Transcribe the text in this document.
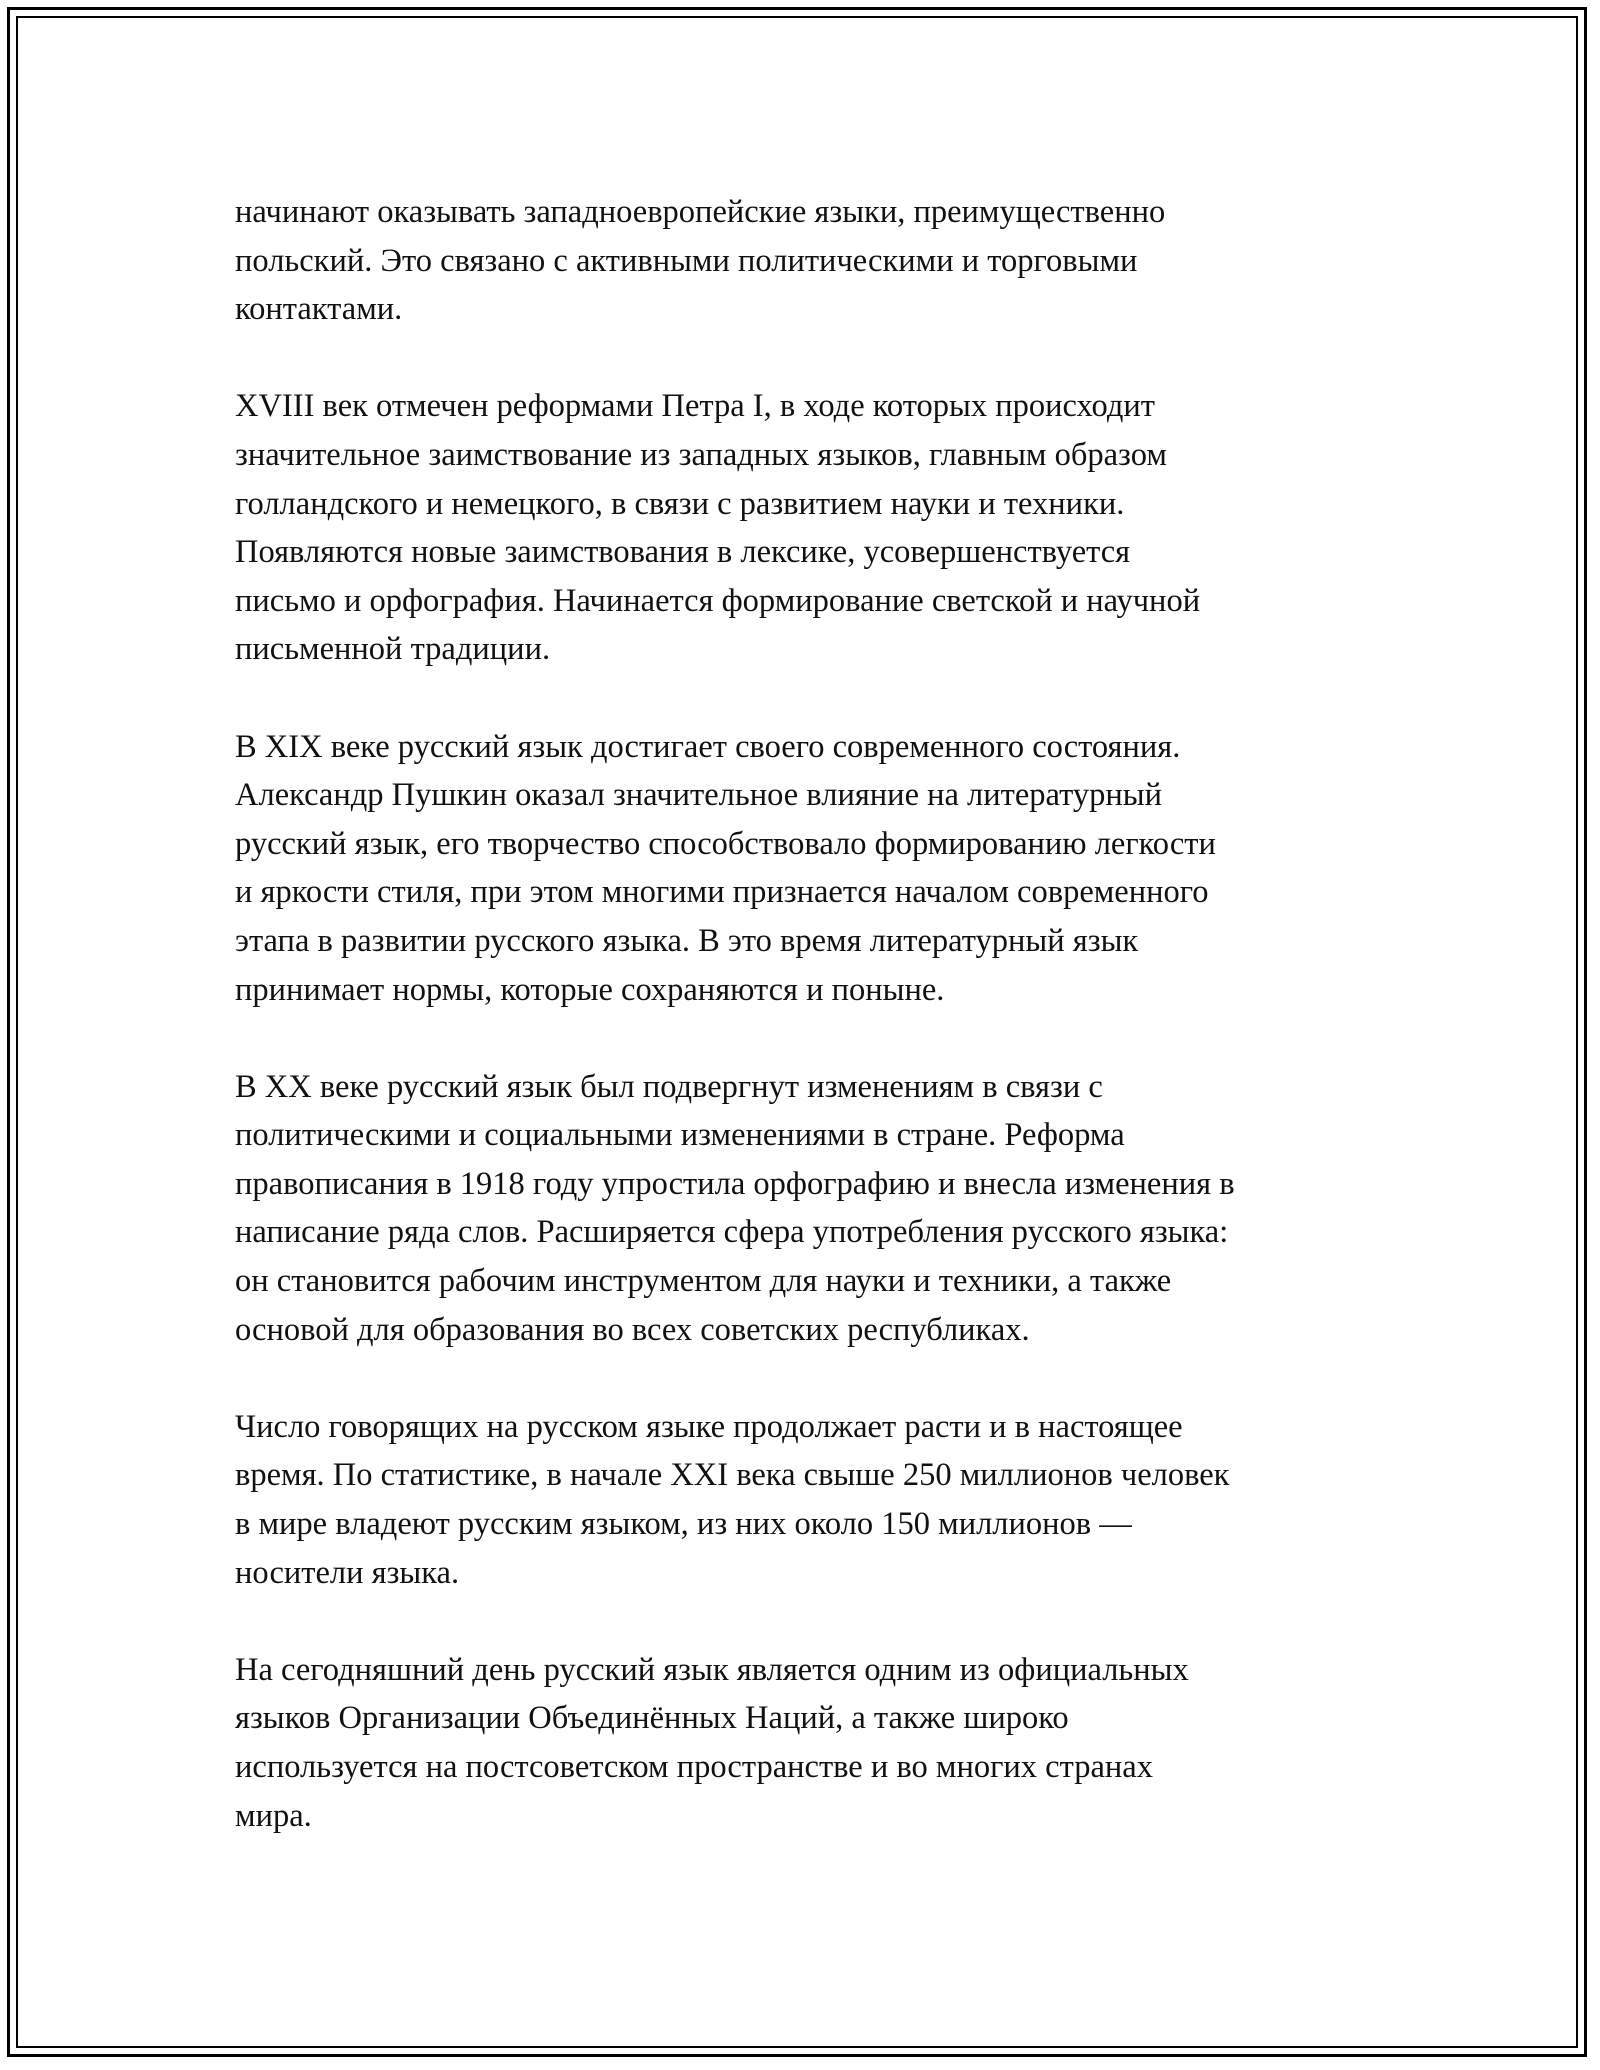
начинают оказывать западноевропейские языки, преимущественно
польский. Это связано с активными политическими и торговыми
контактами.

XVIII век отмечен реформами Петра I, в ходе которых происходит
значительное заимствование из западных языков, главным образом
голландского и немецкого, в связи с развитием науки и техники.
Появляются новые заимствования в лексике, усовершенствуется
письмо и орфография. Начинается формирование светской и научной
письменной традиции.

В XIX веке русский язык достигает своего современного состояния.
Александр Пушкин оказал значительное влияние на литературный
русский язык, его творчество способствовало формированию легкости
и яркости стиля, при этом многими признается началом современного
этапа в развитии русского языка. В это время литературный язык
принимает нормы, которые сохраняются и поныне.

В XX веке русский язык был подвергнут изменениям в связи с
политическими и социальными изменениями в стране. Реформа
правописания в 1918 году упростила орфографию и внесла изменения в
написание ряда слов. Расширяется сфера употребления русского языка:
он становится рабочим инструментом для науки и техники, а также
основой для образования во всех советских республиках.

Число говорящих на русском языке продолжает расти и в настоящее
время. По статистике, в начале XXI века свыше 250 миллионов человек
в мире владеют русским языком, из них около 150 миллионов —
носители языка.

На сегодняшний день русский язык является одним из официальных
языков Организации Объединённых Наций, а также широко
используется на постсоветском пространстве и во многих странах
мира.
